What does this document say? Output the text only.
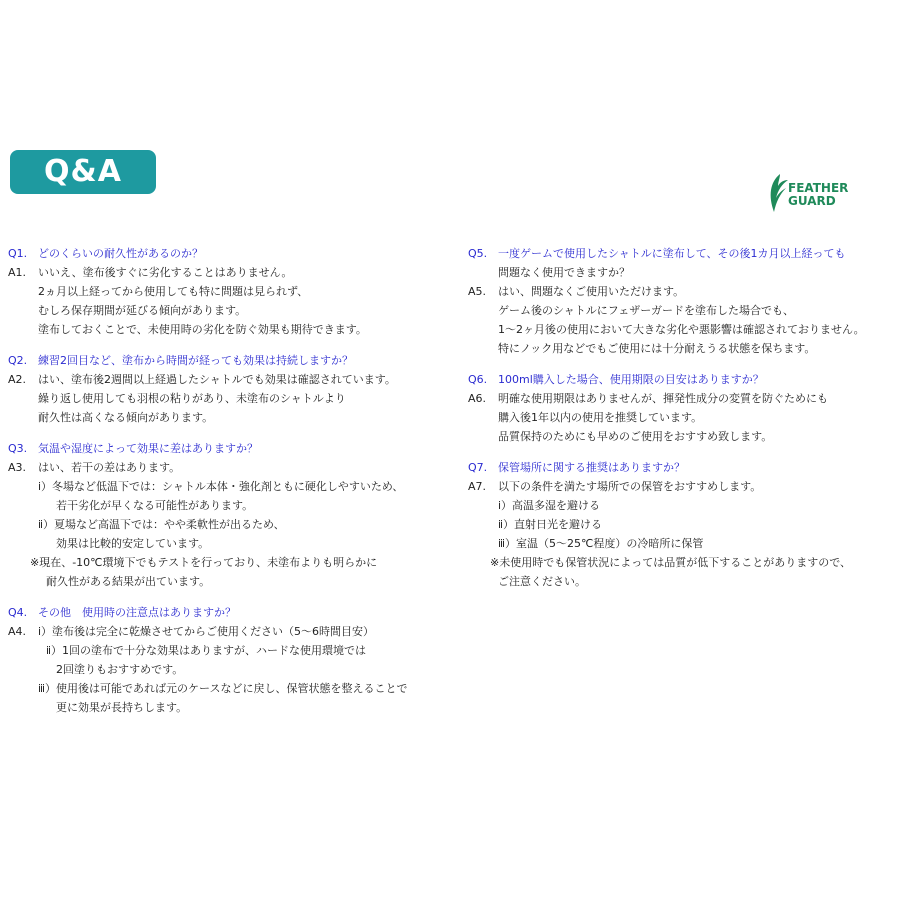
Q&A	FEATHER
GUARD
Q1. どのくらいの耐久性があるのか？
A1. いいえ、塗布後すぐに劣化することはありません。
2ヵ月以上経ってから使用しても特に問題は見られず、
むしろ保存期間が延びる傾向があります。
塗布しておくことで、未使用時の劣化を防ぐ効果も期待できます。
Q2. 練習2回目など、塗布から時間が経っても効果は持続しますか？
A2. はい、塗布後2週間以上経過したシャトルでも効果は確認されています。
繰り返し使用しても羽根の粘りがあり、未塗布のシャトルより
耐久性は高くなる傾向があります。
Q3. 気温や湿度によって効果に差はありますか？
A3. はい、若干の差はあります。
ⅰ）冬場など低温下では：シャトル本体・強化剤ともに硬化しやすいため、
若干劣化が早くなる可能性があります。
ⅱ）夏場など高温下では：やや柔軟性が出るため、
効果は比較的安定しています。
※現在、-10℃環境下でもテストを行っており、未塗布よりも明らかに
耐久性がある結果が出ています。
Q4. その他　使用時の注意点はありますか？
A4. ⅰ）塗布後は完全に乾燥させてからご使用ください（5～6時間目安）
ⅱ）1回の塗布で十分な効果はありますが、ハードな使用環境では
2回塗りもおすすめです。
ⅲ）使用後は可能であれば元のケースなどに戻し、保管状態を整えることで
更に効果が長持ちします。
Q5. 一度ゲームで使用したシャトルに塗布して、その後1カ月以上経っても
問題なく使用できますか？
A5. はい、問題なくご使用いただけます。
ゲーム後のシャトルにフェザーガードを塗布した場合でも、
1～2ヶ月後の使用において大きな劣化や悪影響は確認されておりません。
特にノック用などでもご使用には十分耐えうる状態を保ちます。
Q6. 100ml購入した場合、使用期限の目安はありますか？
A6. 明確な使用期限はありませんが、揮発性成分の変質を防ぐためにも
購入後1年以内の使用を推奨しています。
品質保持のためにも早めのご使用をおすすめ致します。
Q7. 保管場所に関する推奨はありますか？
A7. 以下の条件を満たす場所での保管をおすすめします。
ⅰ）高温多湿を避ける
ⅱ）直射日光を避ける
ⅲ）室温（5～25℃程度）の冷暗所に保管
※未使用時でも保管状況によっては品質が低下することがありますので、
ご注意ください。
